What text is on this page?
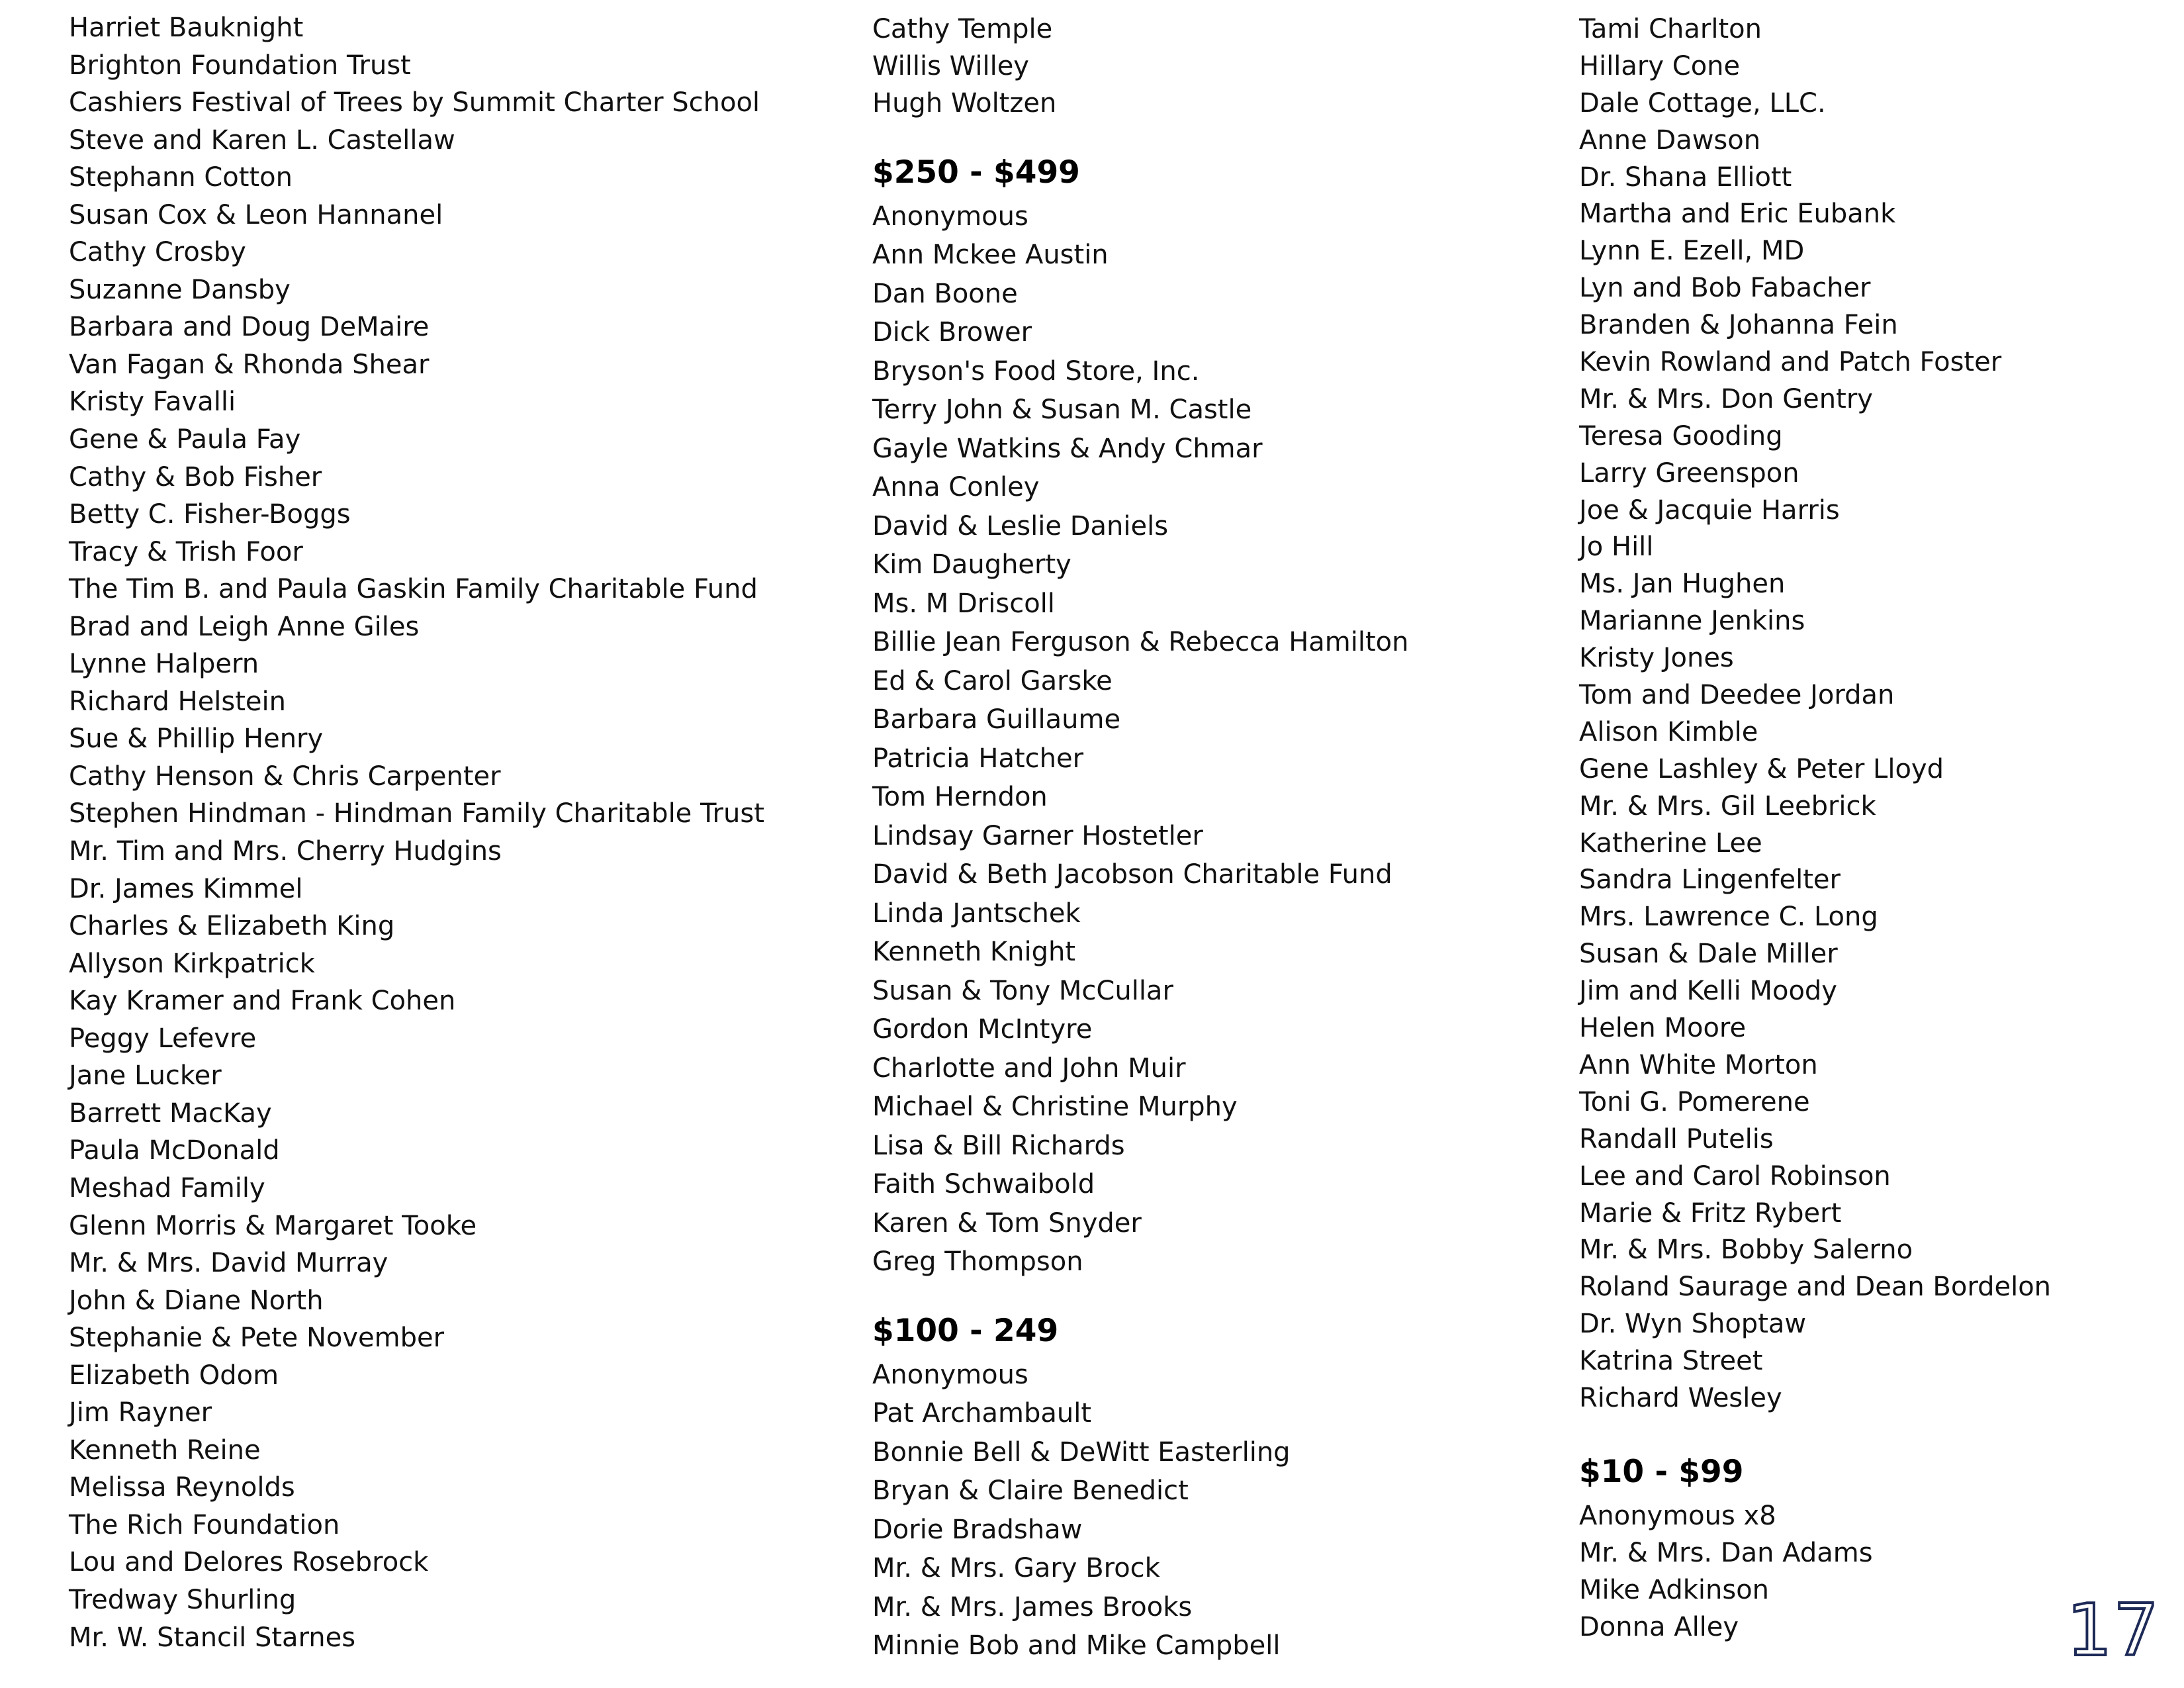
Harriet Bauknight
Brighton Foundation Trust
Cashiers Festival of Trees by Summit Charter School
Steve and Karen L. Castellaw
Stephann Cotton
Susan Cox & Leon Hannanel
Cathy Crosby
Suzanne Dansby
Barbara and Doug DeMaire
Van Fagan & Rhonda Shear
Kristy Favalli
Gene & Paula Fay
Cathy & Bob Fisher
Betty C. Fisher-Boggs
Tracy & Trish Foor
The Tim B. and Paula Gaskin Family Charitable Fund
Brad and Leigh Anne Giles
Lynne Halpern
Richard Helstein
Sue & Phillip Henry
Cathy Henson & Chris Carpenter
Stephen Hindman - Hindman Family Charitable Trust
Mr. Tim and Mrs. Cherry Hudgins
Dr. James Kimmel
Charles & Elizabeth King
Allyson Kirkpatrick
Kay Kramer and Frank Cohen
Peggy Lefevre
Jane Lucker
Barrett MacKay
Paula McDonald
Meshad Family
Glenn Morris & Margaret Tooke
Mr. & Mrs. David Murray
John & Diane North
Stephanie & Pete November
Elizabeth Odom
Jim Rayner
Kenneth Reine
Melissa Reynolds
The Rich Foundation
Lou and Delores Rosebrock
Tredway Shurling
Mr. W. Stancil Starnes
Cathy Temple
Willis Willey
Hugh Woltzen
$250 - $499
Anonymous
Ann Mckee Austin
Dan Boone
Dick Brower
Bryson's Food Store, Inc.
Terry John & Susan M. Castle
Gayle Watkins & Andy Chmar
Anna Conley
David & Leslie Daniels
Kim Daugherty
Ms. M Driscoll
Billie Jean Ferguson & Rebecca Hamilton
Ed & Carol Garske
Barbara Guillaume
Patricia Hatcher
Tom Herndon
Lindsay Garner Hostetler
David & Beth Jacobson Charitable Fund
Linda Jantschek
Kenneth Knight
Susan & Tony McCullar
Gordon McIntyre
Charlotte and John Muir
Michael & Christine Murphy
Lisa & Bill Richards
Faith Schwaibold
Karen & Tom Snyder
Greg Thompson
$100 - 249
Anonymous
Pat Archambault
Bonnie Bell & DeWitt Easterling
Bryan & Claire Benedict
Dorie Bradshaw
Mr. & Mrs. Gary Brock
Mr. & Mrs. James Brooks
Minnie Bob and Mike Campbell
Tami Charlton
Hillary Cone
Dale Cottage, LLC.
Anne Dawson
Dr. Shana Elliott
Martha and Eric Eubank
Lynn E. Ezell, MD
Lyn and Bob Fabacher
Branden & Johanna Fein
Kevin Rowland and Patch Foster
Mr. & Mrs. Don Gentry
Teresa Gooding
Larry Greenspon
Joe & Jacquie Harris
Jo Hill
Ms. Jan Hughen
Marianne Jenkins
Kristy Jones
Tom and Deedee Jordan
Alison Kimble
Gene Lashley & Peter Lloyd
Mr. & Mrs. Gil Leebrick
Katherine Lee
Sandra Lingenfelter
Mrs. Lawrence C. Long
Susan & Dale Miller
Jim and Kelli Moody
Helen Moore
Ann White Morton
Toni G. Pomerene
Randall Putelis
Lee and Carol Robinson
Marie & Fritz Rybert
Mr. & Mrs. Bobby Salerno
Roland Saurage and Dean Bordelon
Dr. Wyn Shoptaw
Katrina Street
Richard Wesley
$10 - $99
Anonymous x8
Mr. & Mrs. Dan Adams
Mike Adkinson
Donna Alley	17
